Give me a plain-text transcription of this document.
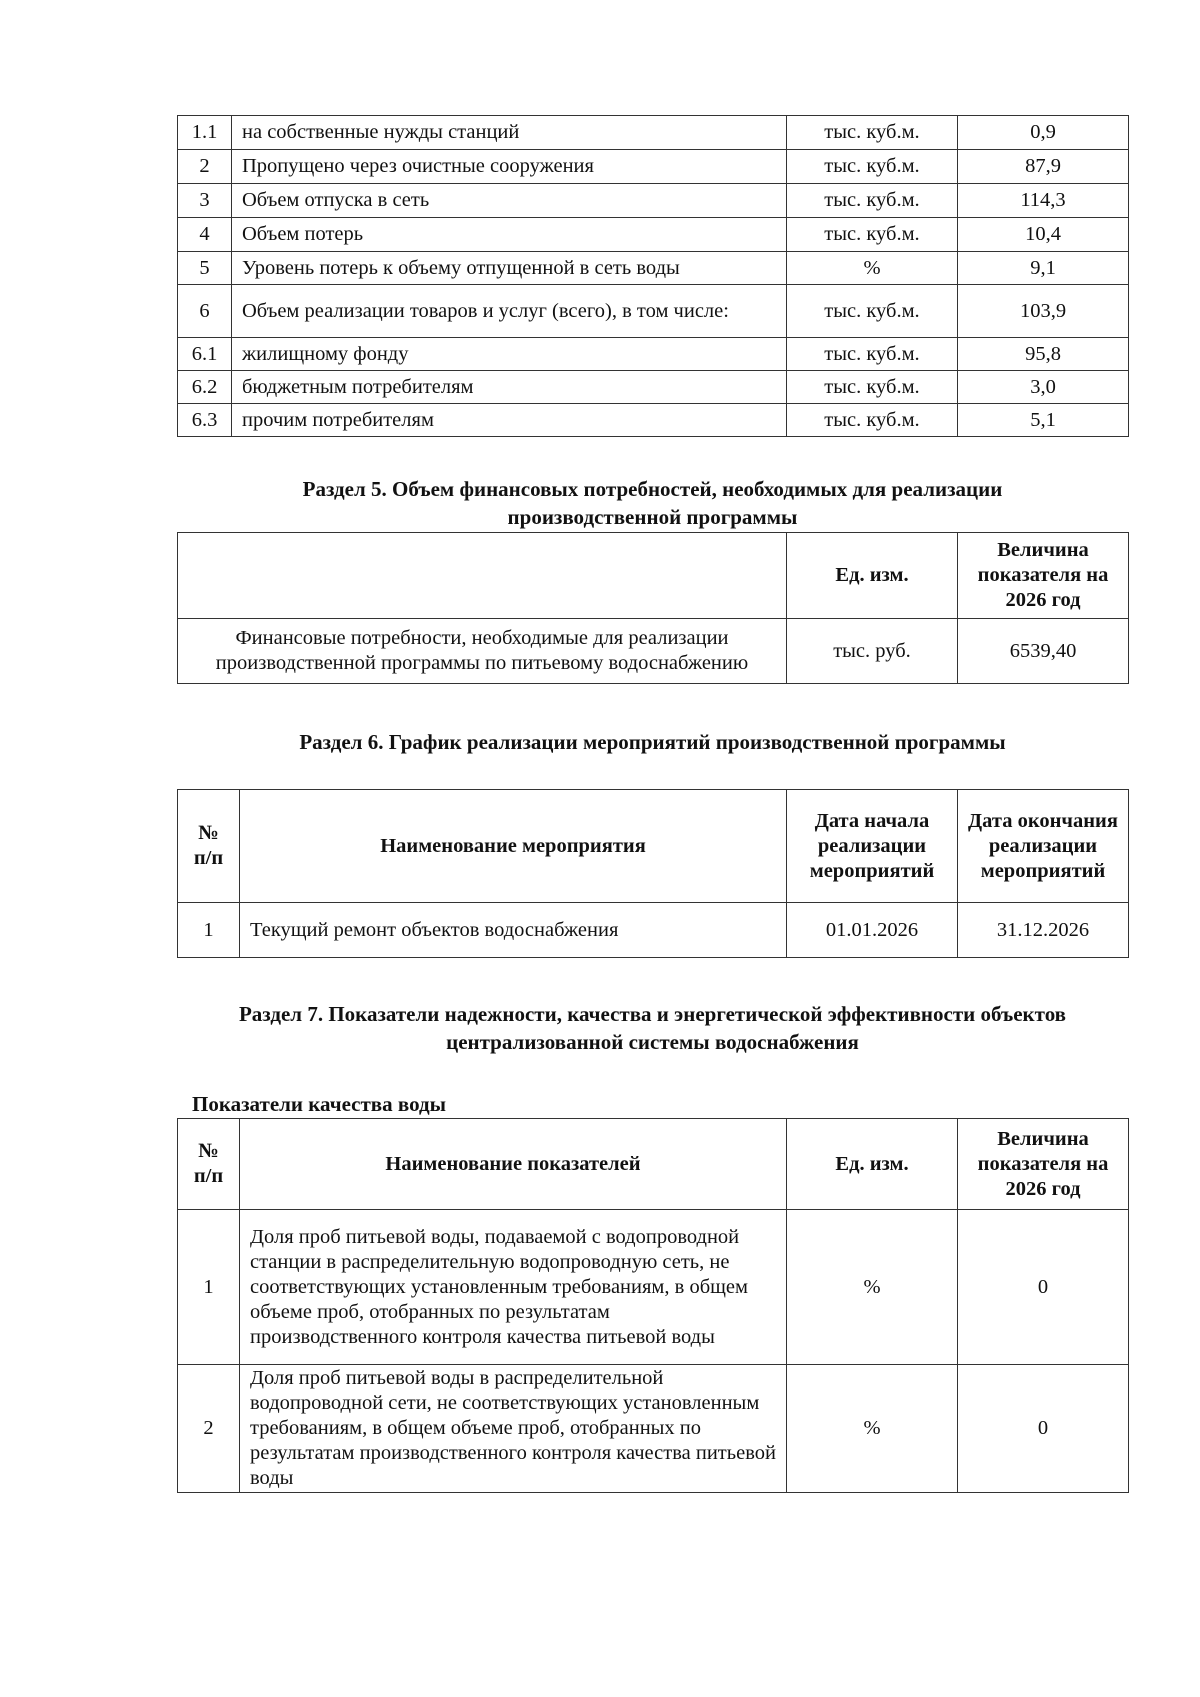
1.1	на собственные нужды станций	тыс. куб.м.	0,9
2	Пропущено через очистные сооружения	тыс. куб.м.	87,9
3	Объем отпуска в сеть	тыс. куб.м.	114,3
4	Объем потерь	тыс. куб.м.	10,4
5	Уровень потерь к объему отпущенной в сеть воды	%	9,1
6	Объем реализации товаров и услуг (всего), в том числе:	тыс. куб.м.	103,9
6.1	жилищному фонду	тыс. куб.м.	95,8
6.2	бюджетным потребителям	тыс. куб.м.	3,0
6.3	прочим потребителям	тыс. куб.м.	5,1
Раздел 5. Объем финансовых потребностей, необходимых для реализации производственной программы
	Ед. изм.	Величина показателя на 2026 год
Финансовые потребности, необходимые для реализации производственной программы по питьевому водоснабжению	тыс. руб.	6539,40
Раздел 6. График реализации мероприятий производственной программы
№ п/п	Наименование мероприятия	Дата начала реализации мероприятий	Дата окончания реализации мероприятий
1	Текущий ремонт объектов водоснабжения	01.01.2026	31.12.2026
Раздел 7. Показатели надежности, качества и энергетической эффективности объектов централизованной системы водоснабжения
Показатели качества воды
№ п/п	Наименование показателей	Ед. изм.	Величина показателя на 2026 год
1	Доля проб питьевой воды, подаваемой с водопроводной станции в распределительную водопроводную сеть, не соответствующих установленным требованиям, в общем объеме проб, отобранных по результатам производственного контроля качества питьевой воды	%	0
2	Доля проб питьевой воды в распределительной водопроводной сети, не соответствующих установленным требованиям, в общем объеме проб, отобранных по результатам производственного контроля качества питьевой воды	%	0
